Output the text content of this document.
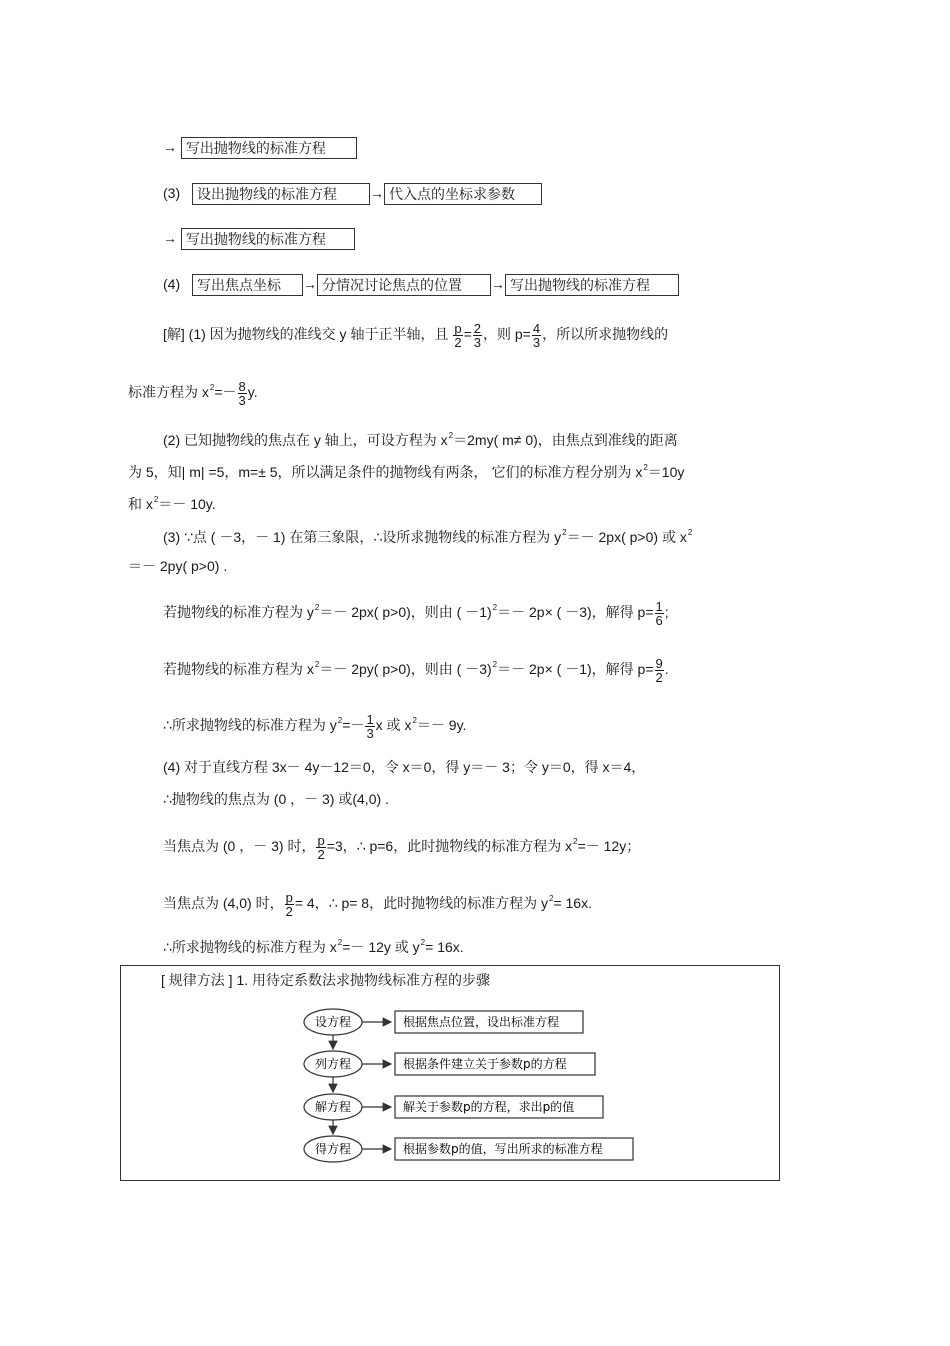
→ 写出抛物线的标准方程
(3) 设出抛物线的标准方程 → 代入点的坐标求参数
→ 写出抛物线的标准方程
(4) 写出焦点坐标 → 分情况讨论焦点的位置 → 写出抛物线的标准方程
[解] (1) 因为抛物线的准线交 y 轴于正半轴，且 $\frac{p}{2} = \frac{2}{3}$ ，则 $p= \frac{4}{3}$ ，所以所求抛物线的
标准方程为 $x^2=- \frac{8}{3} y$.
(2) 已知抛物线的焦点在 y 轴上，可设方程为 $x^2=2my$( m≠ 0)，由焦点到准线的距离
为 5，知| m| =5，m=± 5，所以满足条件的抛物线有两条， 它们的标准方程分别为 $x^2=10y$
和 $x^2=- 10y$.
(3) ∵点 ( －3，－ 1) 在第三象限，∴设所求抛物线的标准方程为 $y^2=- 2px$( p>0) 或 $x^2$
＝－ 2py( p>0) .
若抛物线的标准方程为 $y^2=- 2px$( p>0)，则由 ( －1)$^2$＝－ 2p× ( －3)，解得 $p= \frac{1}{6}$ ;
若抛物线的标准方程为 $x^2=- 2py$( p>0)，则由 ( －3)$^2$＝－ 2p× ( －1)，解得 $p= \frac{9}{2}$ .
∴所求抛物线的标准方程为 $y^2=- \frac{1}{3}$ x 或 $x^2=- 9y$.
(4) 对于直线方程 3x－ 4y－12＝0，令 x＝0，得 y＝－ 3；令 y＝0，得 x＝4，
∴抛物线的焦点为 (0 ，－ 3) 或(4,0) .
当焦点为 (0 ，－ 3) 时， $\frac{p}{2} =3$，∴ p=6，此时抛物线的标准方程为 $x^2=- 12y$；
当焦点为 (4,0) 时， $\frac{p}{2} = 4$，∴ p= 8，此时抛物线的标准方程为 $y^2= 16x$.
∴所求抛物线的标准方程为 $x^2=- 12y$ 或 $y^2= 16x$.
[ 规律方法 ] 1. 用待定系数法求抛物线标准方程的步骤
设方程	根据焦点位置，设出标准方程
列方程	根据条件建立关于参数p的方程
解方程	解关于参数p的方程，求出p的值
得方程	根据参数p的值，写出所求的标准方程
